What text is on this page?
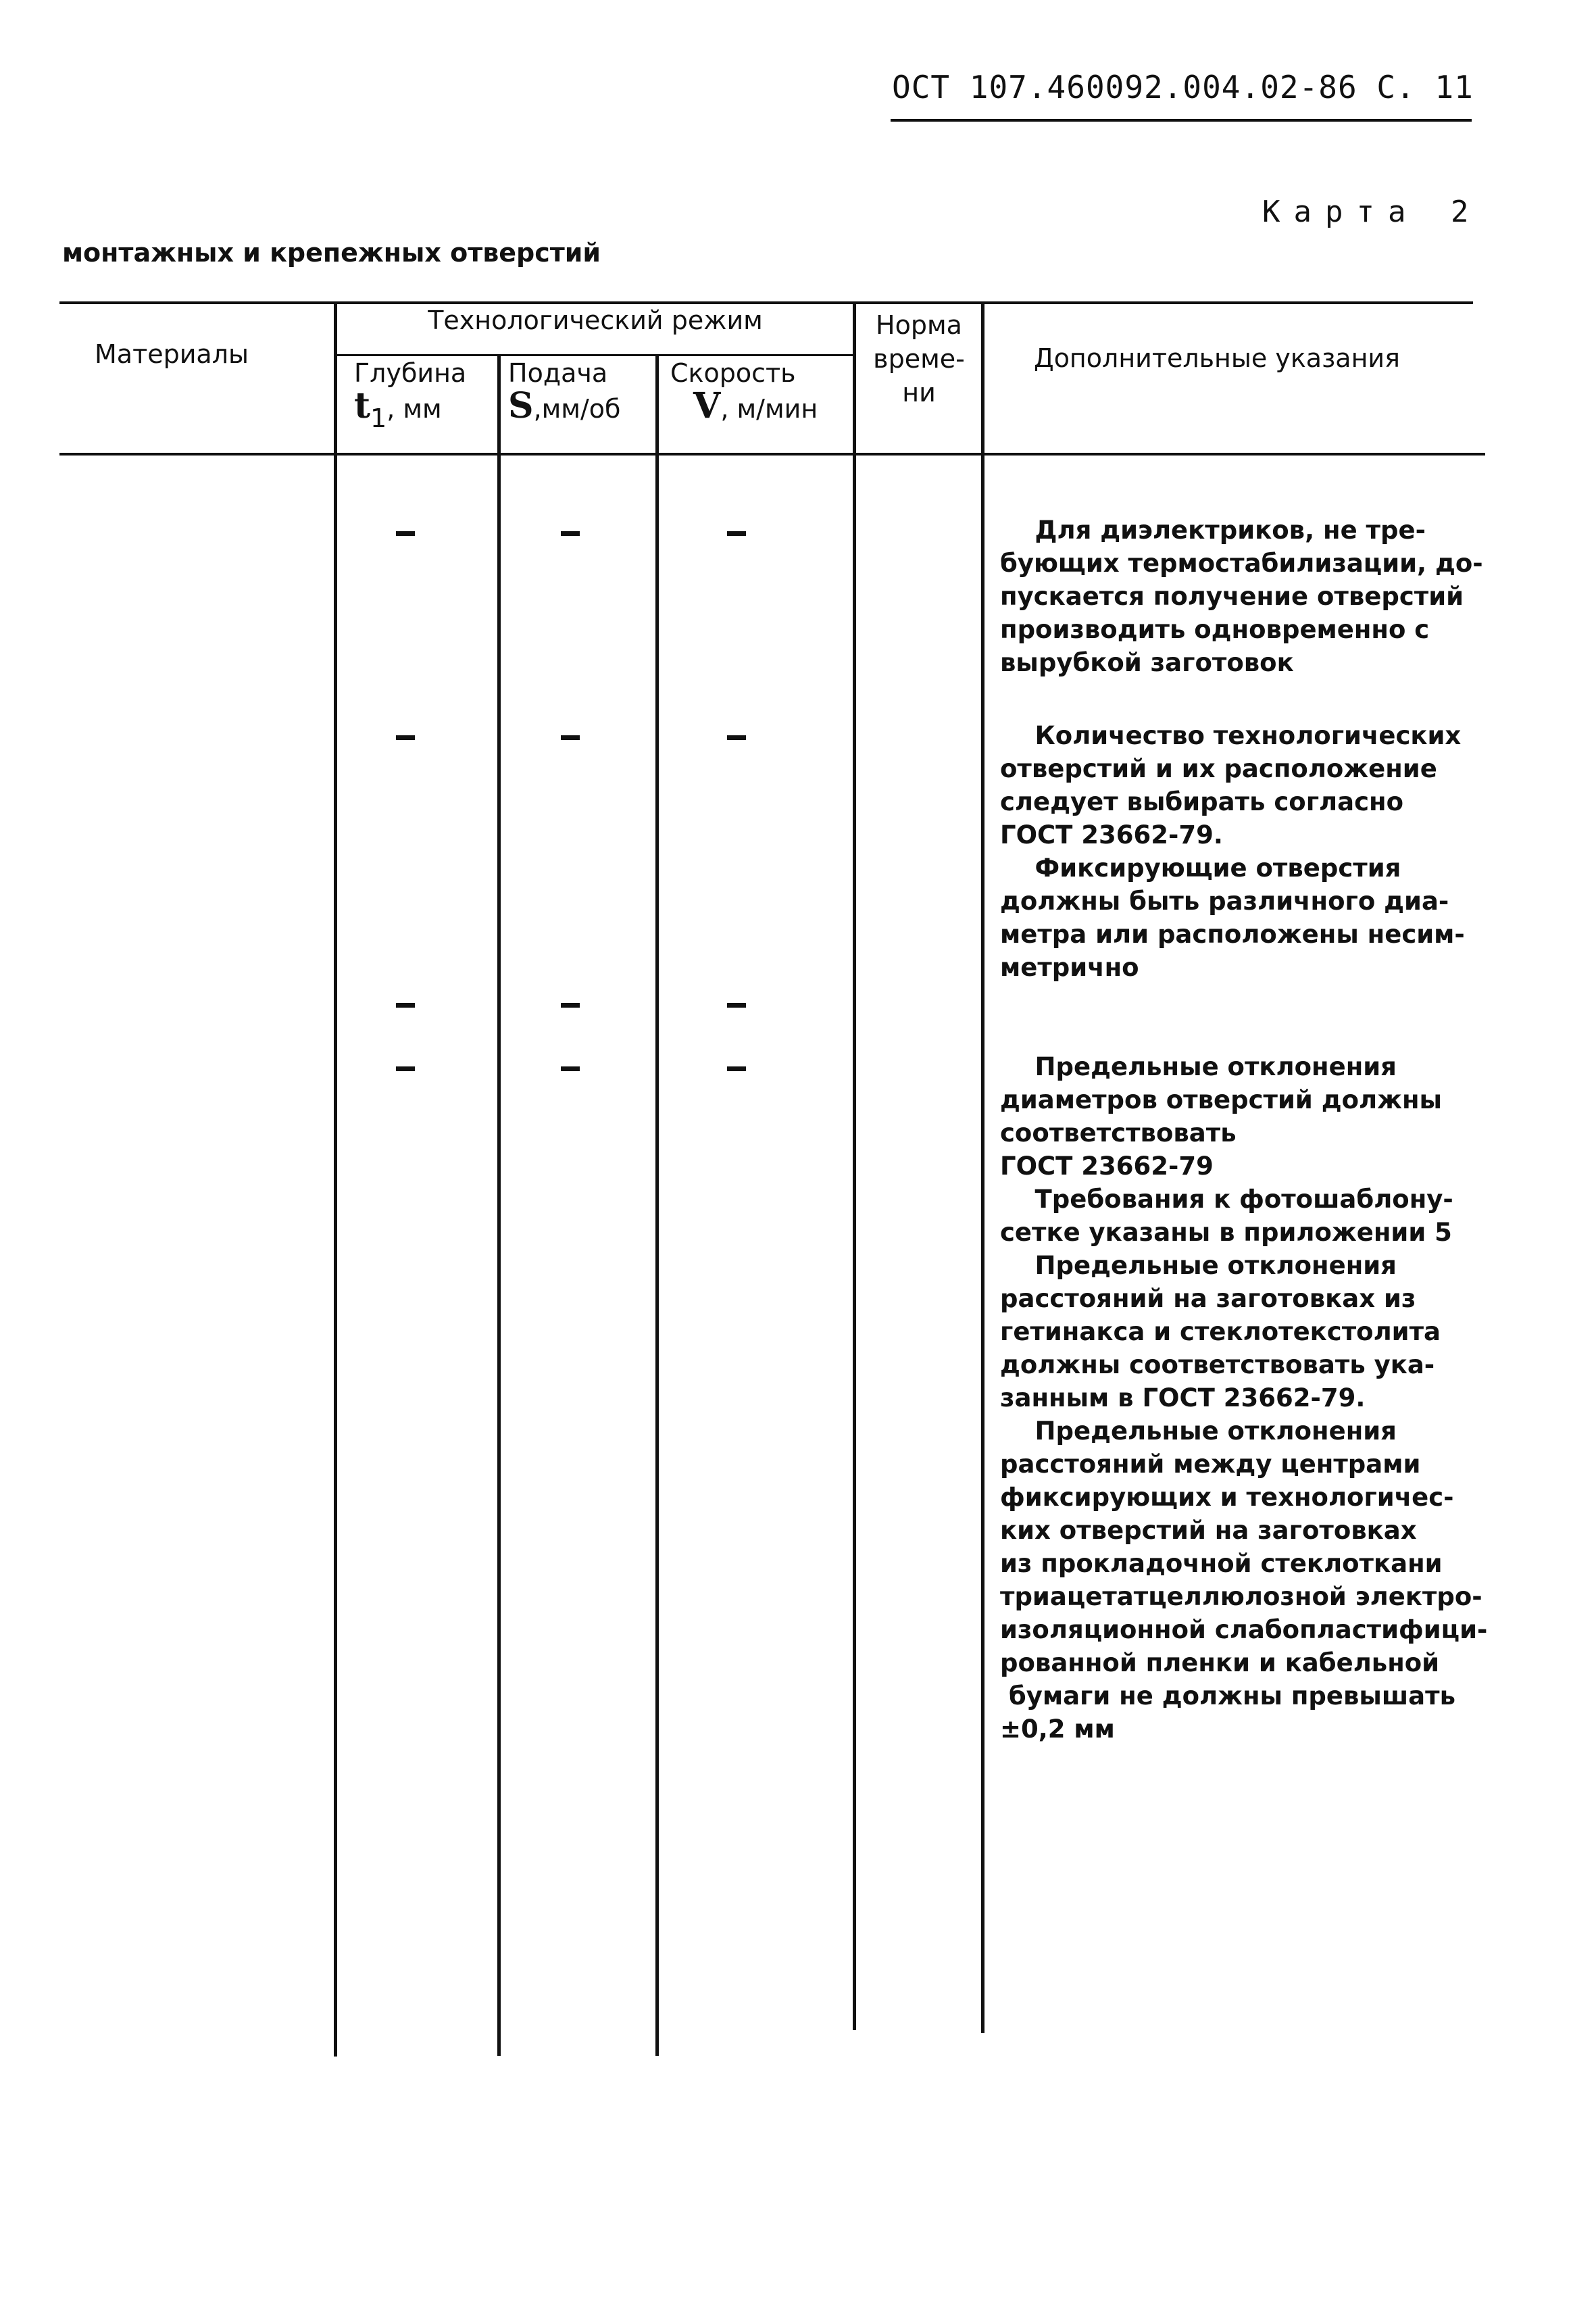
ОСТ 107.460092.004.02-86 С. 11
Карта 2
монтажных и крепежных отверстий
Материалы
Технологический режим
Глубина
t1, мм
Подача
S,мм/об
Скорость
V, м/мин
Норма
време-
ни
Дополнительные указания
Для диэлектриков, не тре-
бующих термостабилизации, до-
пускается получение отверстий
производить одновременно с
вырубкой заготовок
Количество технологических
отверстий и их расположение
следует выбирать согласно
ГОСТ 23662-79.
Фиксирующие отверстия
должны быть различного диа-
метра или расположены несим-
метрично
Предельные отклонения
диаметров отверстий должны
соответствовать
ГОСТ 23662-79
Требования к фотошаблону-
сетке указаны в приложении 5
Предельные отклонения
расстояний на заготовках из
гетинакса и стеклотекстолита
должны соответствовать ука-
занным в ГОСТ 23662-79.
Предельные отклонения
расстояний между центрами
фиксирующих и технологичес-
ких отверстий на заготовках
из прокладочной стеклоткани
триацетатцеллюлозной электро-
изоляционной слабопластифици-
рованной пленки и кабельной
бумаги не должны превышать
±0,2 мм
